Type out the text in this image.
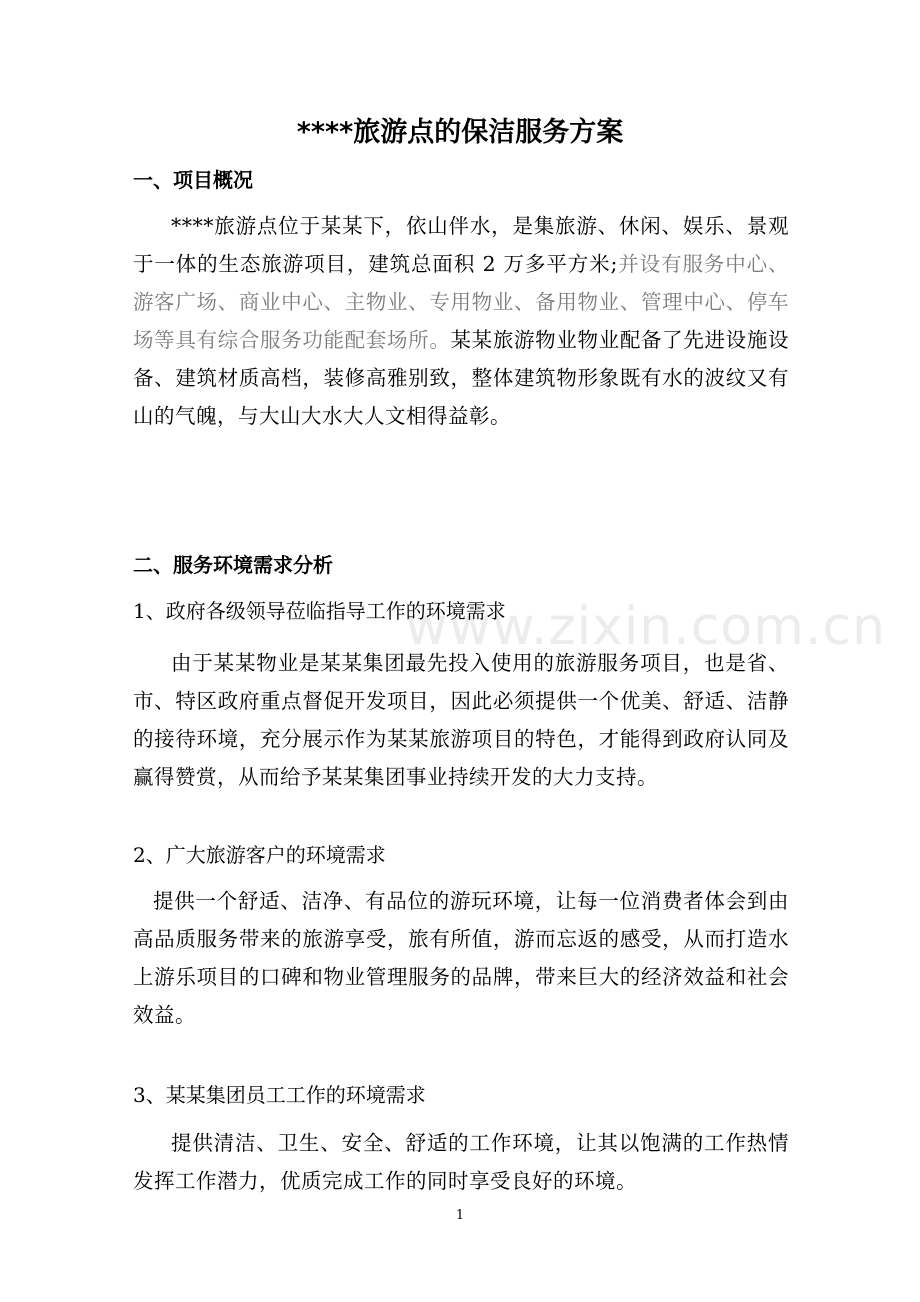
www.zixin.com.cn
****旅游点的保洁服务方案
一、项目概况

****旅游点位于某某下，依山伴水，是集旅游、休闲、娱乐、景观于一体的生态旅游项目，建筑总面积 2 万多平方米;并设有服务中心、游客广场、商业中心、主物业、专用物业、备用物业、管理中心、停车场等具有综合服务功能配套场所。某某旅游物业物业配备了先进设施设备、建筑材质高档，装修高雅别致，整体建筑物形象既有水的波纹又有山的气魄，与大山大水大人文相得益彰。

二、服务环境需求分析
1、政府各级领导莅临指导工作的环境需求

由于某某物业是某某集团最先投入使用的旅游服务项目，也是省、市、特区政府重点督促开发项目，因此必须提供一个优美、舒适、洁静的接待环境，充分展示作为某某旅游项目的特色，才能得到政府认同及赢得赞赏，从而给予某某集团事业持续开发的大力支持。

2、广大旅游客户的环境需求

提供一个舒适、洁净、有品位的游玩环境，让每一位消费者体会到由高品质服务带来的旅游享受，旅有所值，游而忘返的感受，从而打造水上游乐项目的口碑和物业管理服务的品牌，带来巨大的经济效益和社会效益。

3、某某集团员工工作的环境需求

提供清洁、卫生、安全、舒适的工作环境，让其以饱满的工作热情发挥工作潜力，优质完成工作的同时享受良好的环境。

1
